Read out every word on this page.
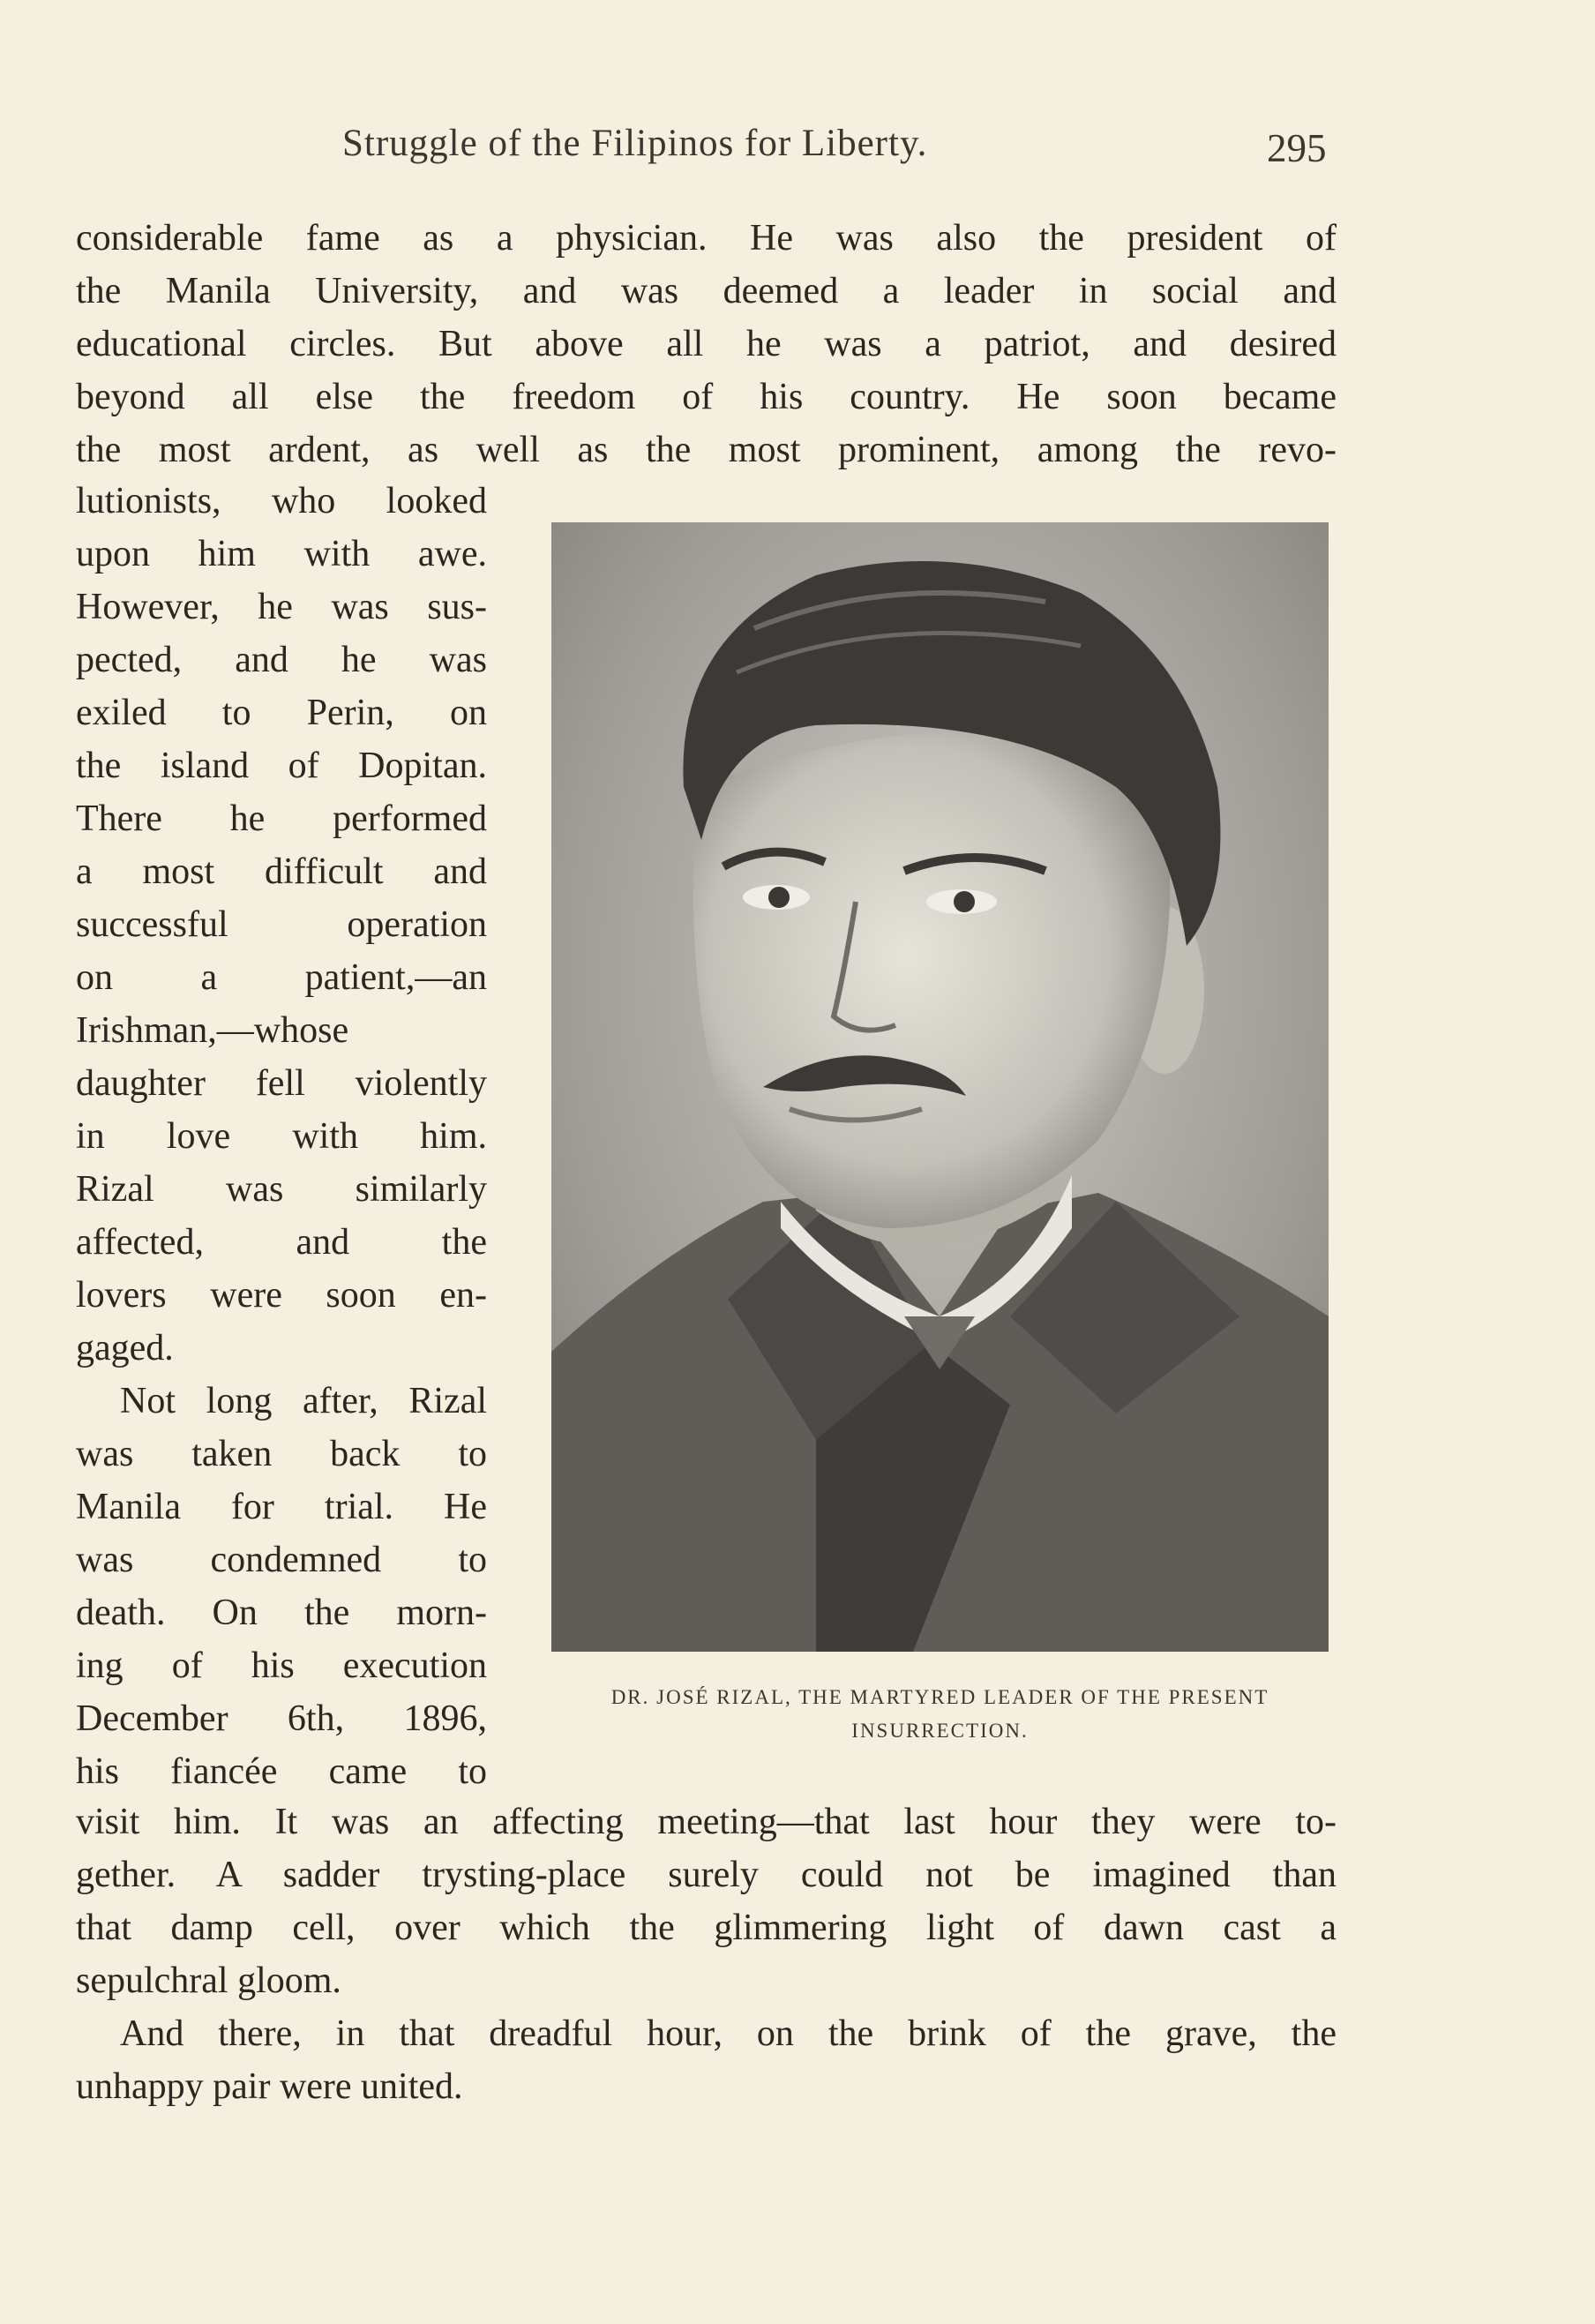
Struggle of the Filipinos for Liberty.	295
considerable fame as a physician. He was also the president of
the Manila University, and was deemed a leader in social and
educational circles. But above all he was a patriot, and desired
beyond all else the freedom of his country. He soon became
the most ardent, as well as the most prominent, among the revo-
lutionists, who looked
upon him with awe.
However, he was sus-
pected, and he was
exiled to Perin, on
the island of Dopitan.
There he performed
a most difficult and
successful operation
on a patient,—an
Irishman,—whose
daughter fell violently
in love with him.
Rizal was similarly
affected, and the
lovers were soon en-
gaged.
Not long after, Rizal
was taken back to
Manila for trial. He
was condemned to
death. On the morn-
ing of his execution
December 6th, 1896,
his fiancée came to
visit him. It was an affecting meeting—that last hour they were to-
gether. A sadder trysting-place surely could not be imagined than
that damp cell, over which the glimmering light of dawn cast a
sepulchral gloom.
And there, in that dreadful hour, on the brink of the grave, the
unhappy pair were united.
DR. JOSÉ RIZAL, THE MARTYRED LEADER OF THE PRESENT
INSURRECTION.
